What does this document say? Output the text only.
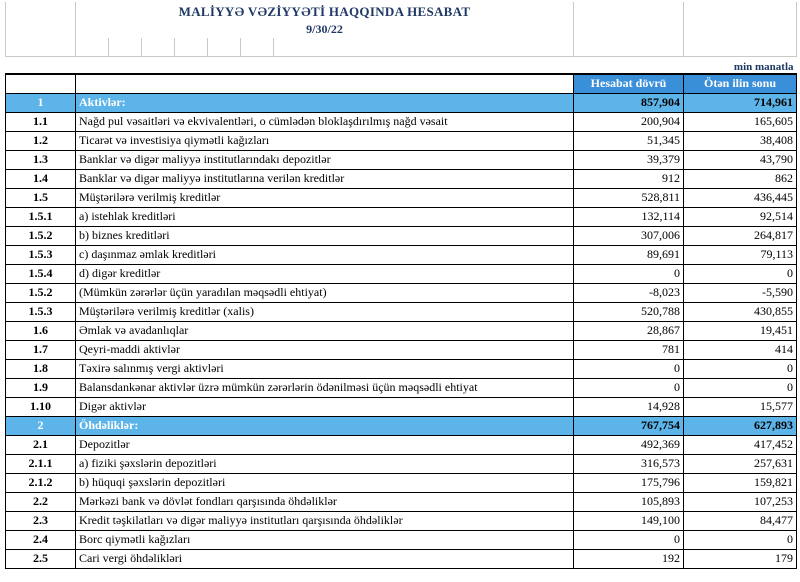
	MALİYYƏ VƏZİYYƏTİ HAQQINDA HESABAT								
	9/30/22								

									min manatla
								Hesabat dövrü	Ötən ilin sonu
1	Aktivlər:							857,904	714,961
1.1	Nağd pul vəsaitləri və ekvivalentləri, o cümlədən bloklaşdırılmış nağd vəsait							200,904	165,605
1.2	Ticarət və investisiya qiymətli kağızları							51,345	38,408
1.3	Banklar və digər maliyyə institutlarındakı depozitlər							39,379	43,790
1.4	Banklar və digər maliyyə institutlarına verilən kreditlər							912	862
1.5	Müştərilərə verilmiş kreditlər							528,811	436,445
1.5.1	a) istehlak kreditləri							132,114	92,514
1.5.2	b) biznes kreditləri							307,006	264,817
1.5.3	c) daşınmaz əmlak kreditləri							89,691	79,113
1.5.4	d) digər kreditlər							0	0
1.5.2	(Mümkün zərərlər üçün yaradılan məqsədli ehtiyat)							-8,023	-5,590
1.5.3	Müştərilərə verilmiş kreditlər (xalis)							520,788	430,855
1.6	Əmlak və avadanlıqlar							28,867	19,451
1.7	Qeyri-maddi aktivlər							781	414
1.8	Təxirə salınmış vergi aktivləri							0	0
1.9	Balansdankənar aktivlər üzrə mümkün zərərlərin ödənilməsi üçün məqsədli ehtiyat							0	0
1.10	Digər aktivlər							14,928	15,577
2	Öhdəliklər:							767,754	627,893
2.1	Depozitlər							492,369	417,452
2.1.1	a) fiziki şəxslərin depozitləri							316,573	257,631
2.1.2	b) hüquqi şəxslərin depozitləri							175,796	159,821
2.2	Mərkəzi bank və dövlət fondları qarşısında öhdəliklər							105,893	107,253
2.3	Kredit təşkilatları və digər maliyyə institutları qarşısında öhdəliklər							149,100	84,477
2.4	Borc qiymətli kağızları							0	0
2.5	Cari vergi öhdəlikləri							192	179
